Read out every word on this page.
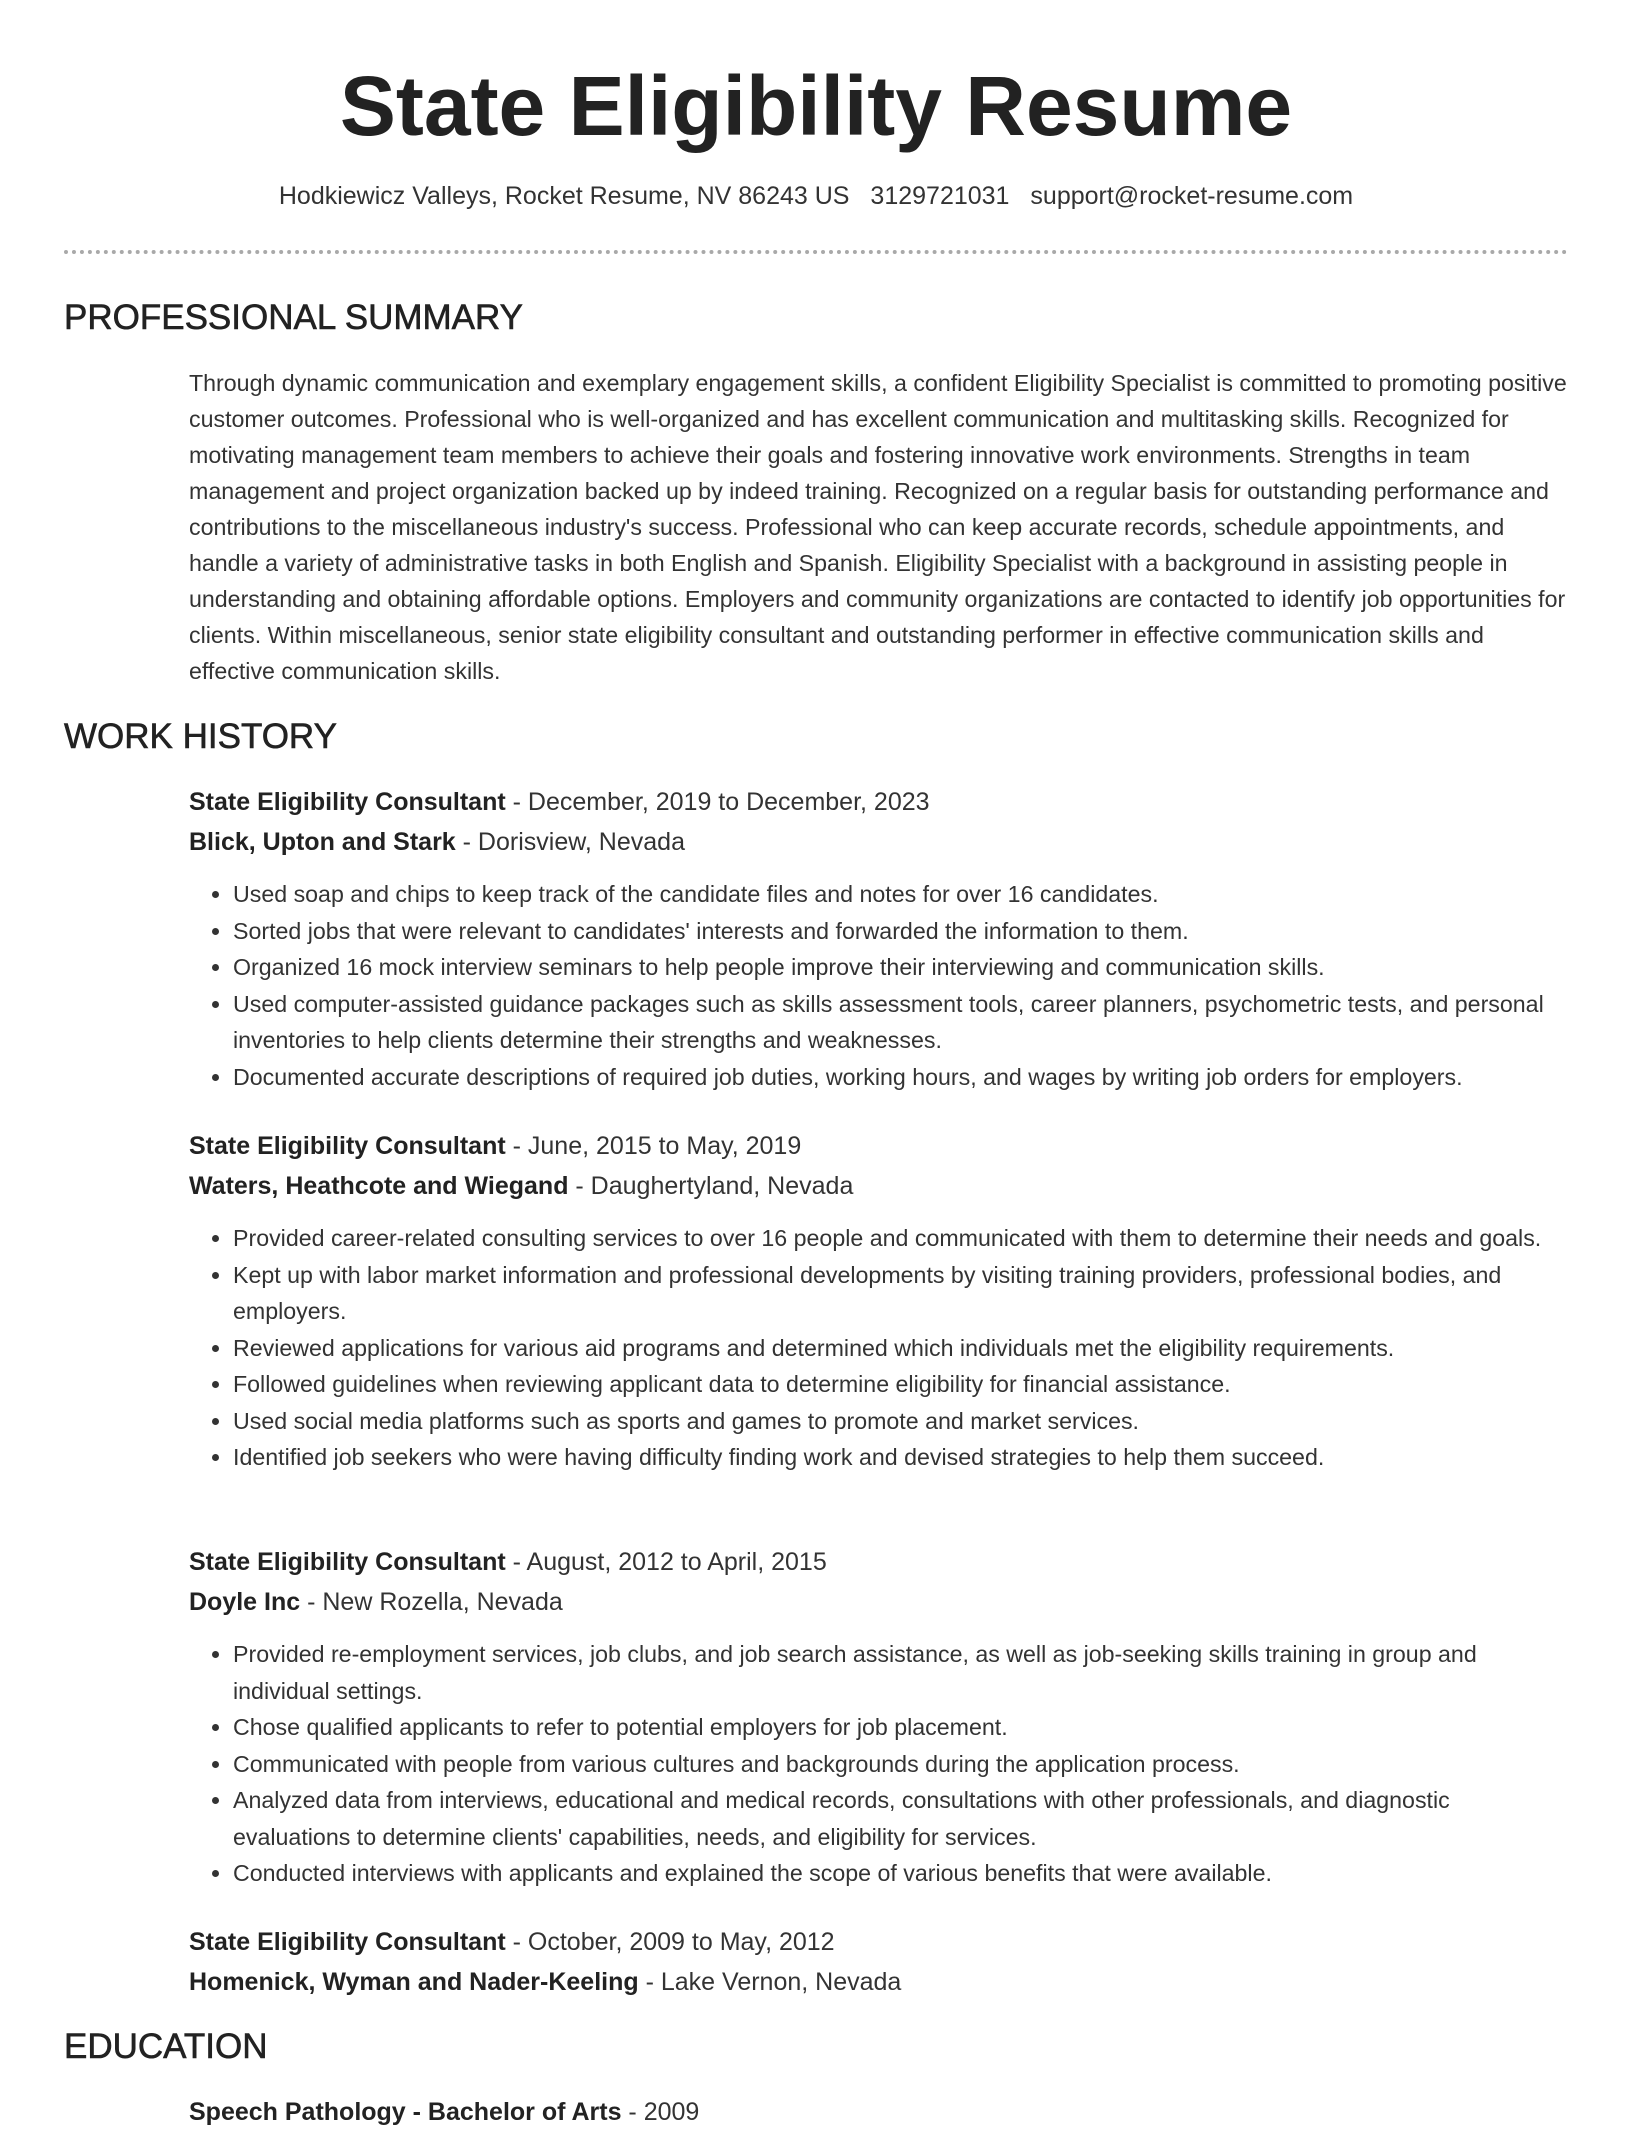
State Eligibility Resume
Hodkiewicz Valleys, Rocket Resume, NV 86243 US 3129721031 support@rocket-resume.com
PROFESSIONAL SUMMARY

Through dynamic communication and exemplary engagement skills, a confident Eligibility Specialist is committed to promoting positive customer outcomes. Professional who is well-organized and has excellent communication and multitasking skills. Recognized for motivating management team members to achieve their goals and fostering innovative work environments. Strengths in team management and project organization backed up by indeed training. Recognized on a regular basis for outstanding performance and contributions to the miscellaneous industry's success. Professional who can keep accurate records, schedule appointments, and handle a variety of administrative tasks in both English and Spanish. Eligibility Specialist with a background in assisting people in understanding and obtaining affordable options. Employers and community organizations are contacted to identify job opportunities for clients. Within miscellaneous, senior state eligibility consultant and outstanding performer in effective communication skills and effective communication skills.

WORK HISTORY
State Eligibility Consultant - December, 2019 to December, 2023
Blick, Upton and Stark - Dorisview, Nevada
• Used soap and chips to keep track of the candidate files and notes for over 16 candidates.
• Sorted jobs that were relevant to candidates' interests and forwarded the information to them.
• Organized 16 mock interview seminars to help people improve their interviewing and communication skills.
• Used computer-assisted guidance packages such as skills assessment tools, career planners, psychometric tests, and personal inventories to help clients determine their strengths and weaknesses.
• Documented accurate descriptions of required job duties, working hours, and wages by writing job orders for employers.
State Eligibility Consultant - June, 2015 to May, 2019
Waters, Heathcote and Wiegand - Daughertyland, Nevada
• Provided career-related consulting services to over 16 people and communicated with them to determine their needs and goals.
• Kept up with labor market information and professional developments by visiting training providers, professional bodies, and employers.
• Reviewed applications for various aid programs and determined which individuals met the eligibility requirements.
• Followed guidelines when reviewing applicant data to determine eligibility for financial assistance.
• Used social media platforms such as sports and games to promote and market services.
• Identified job seekers who were having difficulty finding work and devised strategies to help them succeed.
State Eligibility Consultant - August, 2012 to April, 2015
Doyle Inc - New Rozella, Nevada
• Provided re-employment services, job clubs, and job search assistance, as well as job-seeking skills training in group and individual settings.
• Chose qualified applicants to refer to potential employers for job placement.
• Communicated with people from various cultures and backgrounds during the application process.
• Analyzed data from interviews, educational and medical records, consultations with other professionals, and diagnostic evaluations to determine clients' capabilities, needs, and eligibility for services.
• Conducted interviews with applicants and explained the scope of various benefits that were available.
State Eligibility Consultant - October, 2009 to May, 2012
Homenick, Wyman and Nader-Keeling - Lake Vernon, Nevada
EDUCATION
Speech Pathology - Bachelor of Arts - 2009
